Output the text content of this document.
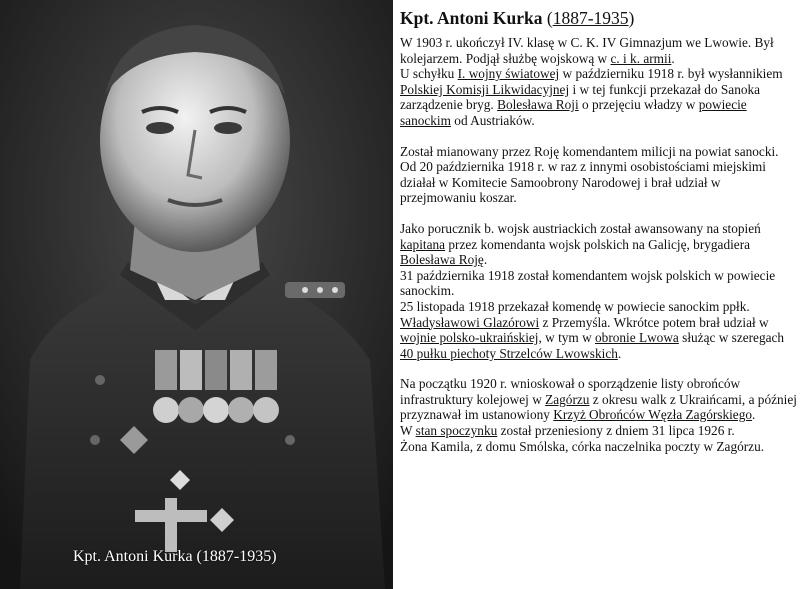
Kpt. Antoni Kurka (1887-1935)
Kpt. Antoni Kurka (1887-1935)

W 1903 r. ukończył IV. klasę w C. K. IV Gimnazjum we Lwowie. Był kolejarzem. Podjął służbę wojskową w c. i k. armii.

U schyłku I. wojny światowej w październiku 1918 r. był wysłannikiem Polskiej Komisji Likwidacyjnej i w tej funkcji przekazał do Sanoka zarządzenie bryg. Bolesława Roji o przejęciu władzy w powiecie sanockim od Austriaków.

Został mianowany przez Roję komendantem milicji na powiat sanocki.

Od 20 października 1918 r. w raz z innymi osobistościami miejskimi działał w Komitecie Samoobrony Narodowej i brał udział w przejmowaniu koszar.

Jako porucznik b. wojsk austriackich został awansowany na stopień kapitana przez komendanta wojsk polskich na Galicję, brygadiera Bolesława Roję.

31 października 1918 został komendantem wojsk polskich w powiecie sanockim.

25 listopada 1918 przekazał komendę w powiecie sanockim ppłk. Władysławowi Glazórowi z Przemyśla. Wkrótce potem brał udział w wojnie polsko-ukraińskiej, w tym w obronie Lwowa służąc w szeregach 40 pułku piechoty Strzelców Lwowskich.

Na początku 1920 r. wnioskował o sporządzenie listy obrońców infrastruktury kolejowej w Zagórzu z okresu walk z Ukraińcami, a później przyznawał im ustanowiony Krzyż Obrońców Węzła Zagórskiego.

W stan spoczynku został przeniesiony z dniem 31 lipca 1926 r.

Żona Kamila, z domu Smólska, córka naczelnika poczty w Zagórzu.
